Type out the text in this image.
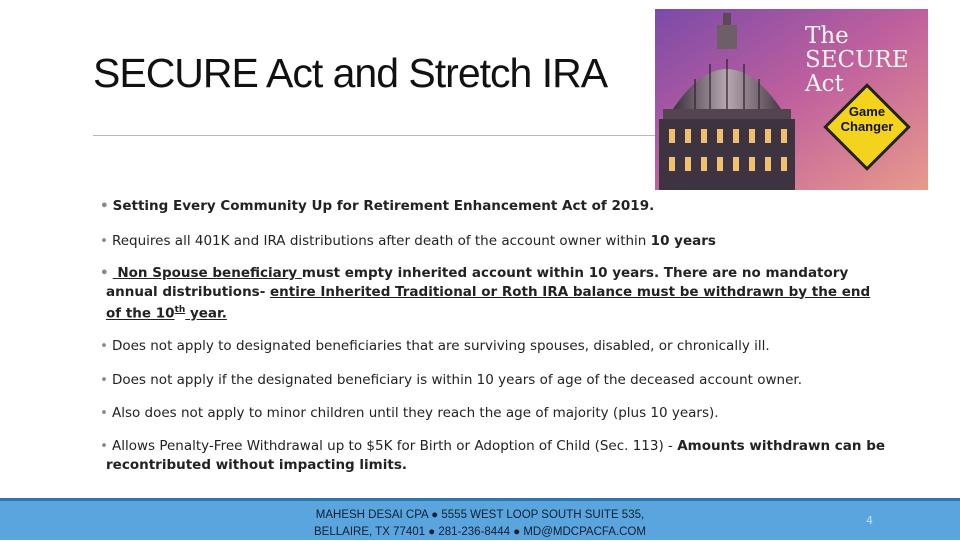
SECURE Act and Stretch IRA
The
SECURE
Act
Game
Changer
• Setting Every Community Up for Retirement Enhancement Act of 2019.
• Requires all 401K and IRA distributions after death of the account owner within 10 years
• Non Spouse beneficiary must empty inherited account within 10 years. There are no mandatory annual distributions- entire Inherited Traditional or Roth IRA balance must be withdrawn by the end of the 10th year.
• Does not apply to designated beneficiaries that are surviving spouses, disabled, or chronically ill.
• Does not apply if the designated beneficiary is within 10 years of age of the deceased account owner.
• Also does not apply to minor children until they reach the age of majority (plus 10 years).
• Allows Penalty-Free Withdrawal up to $5K for Birth or Adoption of Child (Sec. 113) - Amounts withdrawn can be recontributed without impacting limits.
MAHESH DESAI CPA ● 5555 WEST LOOP SOUTH SUITE 535,
BELLAIRE, TX 77401 ● 281-236-8444 ● MD@MDCPACFA.COM
4
